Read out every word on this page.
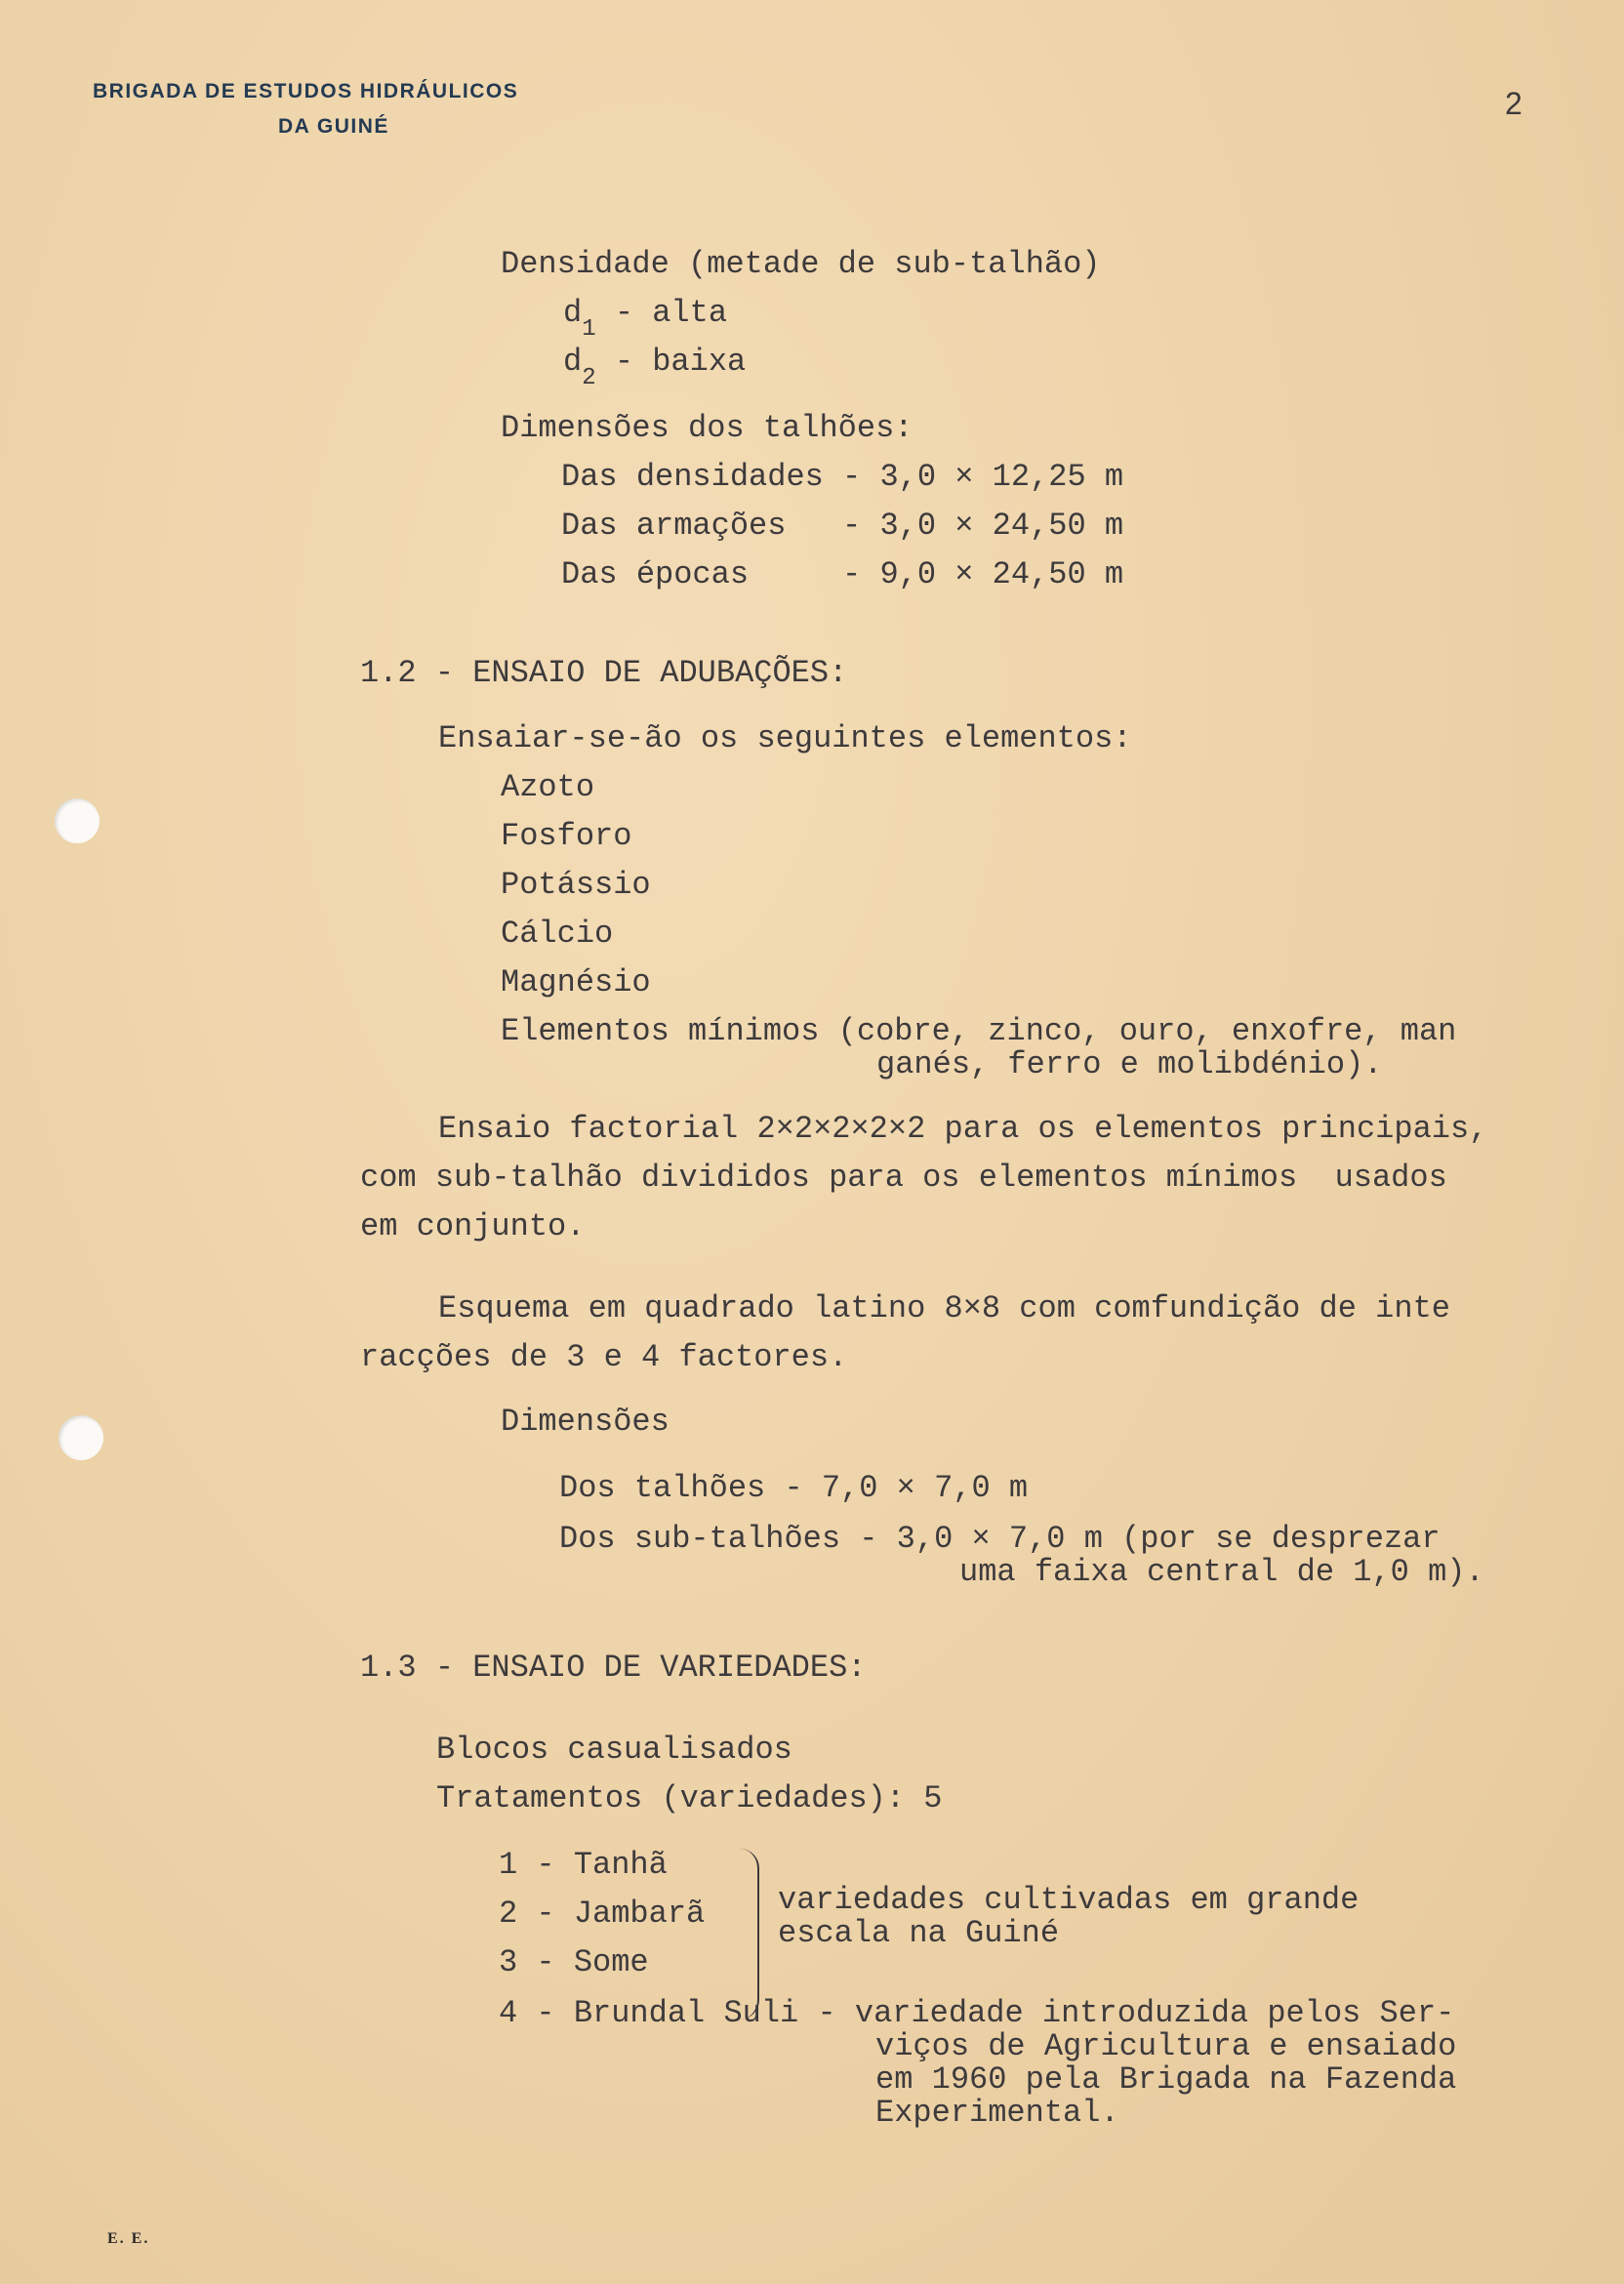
BRIGADA DE ESTUDOS HIDRÁULICOS
DA GUINÉ
2
Densidade (metade de sub-talhão)
$d_1$ - alta
$d_2$ - baixa
Dimensões dos talhões:
Das densidades - 3,0 × 12,25 m
Das armações   - 3,0 × 24,50 m
Das épocas     - 9,0 × 24,50 m
1.2 - ENSAIO DE ADUBAÇÕES:
Ensaiar-se-ão os seguintes elementos:
Azoto
Fosforo
Potássio
Cálcio
Magnésio
Elementos mínimos (cobre, zinco, ouro, enxofre, man
ganés, ferro e molibdénio).
Ensaio factorial 2×2×2×2×2 para os elementos principais,
com sub-talhão divididos para os elementos mínimos  usados
em conjunto.
Esquema em quadrado latino 8×8 com comfundição de inte
racções de 3 e 4 factores.
Dimensões
Dos talhões - 7,0 × 7,0 m
Dos sub-talhões - 3,0 × 7,0 m (por se desprezar
uma faixa central de 1,0 m).
1.3 - ENSAIO DE VARIEDADES:
Blocos casualisados
Tratamentos (variedades): 5
1 - Tanhã
2 - Jambarã
3 - Some
variedades cultivadas em grande
escala na Guiné
4 - Brundal Suli - variedade introduzida pelos Ser-
viços de Agricultura e ensaiado
em 1960 pela Brigada na Fazenda
Experimental.
E. E.
